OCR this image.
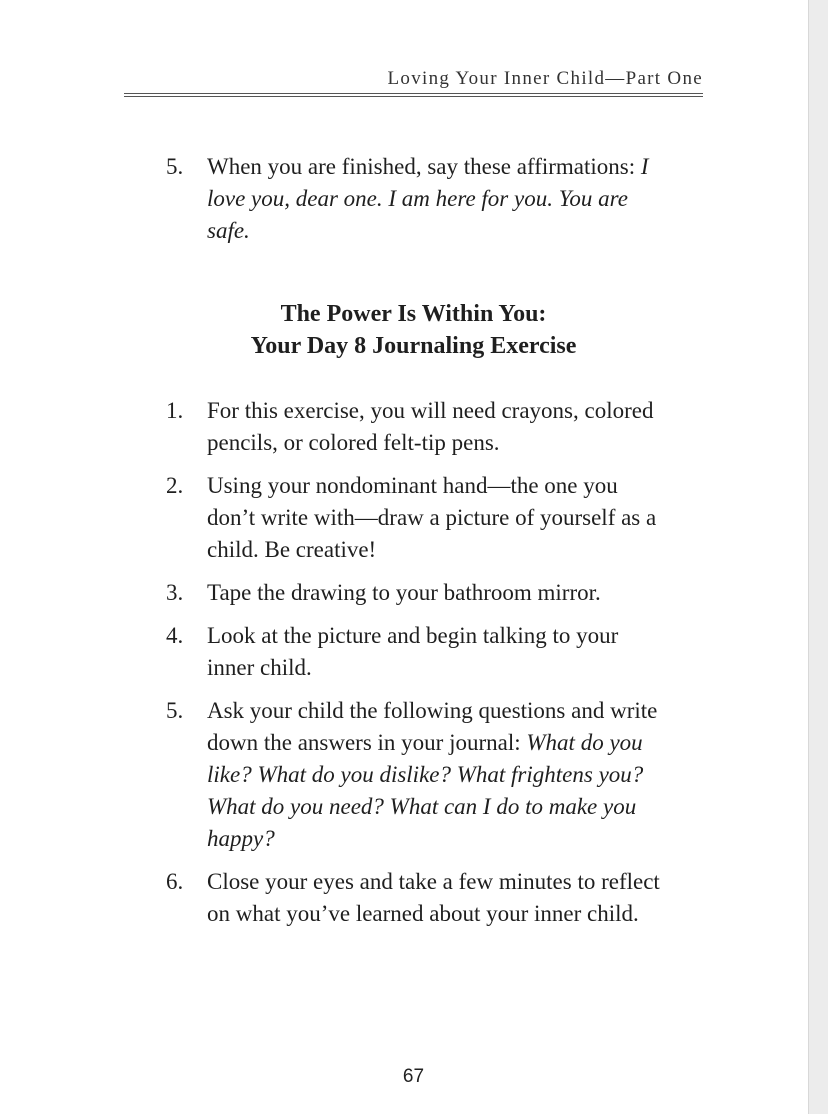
Loving Your Inner Child—Part One
5. When you are finished, say these affirmations: I love you, dear one. I am here for you. You are safe.
The Power Is Within You:
Your Day 8 Journaling Exercise
1. For this exercise, you will need crayons, colored pencils, or colored felt-tip pens.
2. Using your nondominant hand—the one you don’t write with—draw a picture of yourself as a child. Be creative!
3. Tape the drawing to your bathroom mirror.
4. Look at the picture and begin talking to your inner child.
5. Ask your child the following questions and write down the answers in your journal: What do you like? What do you dislike? What frightens you? What do you need? What can I do to make you happy?
6. Close your eyes and take a few minutes to reflect on what you’ve learned about your inner child.
67
